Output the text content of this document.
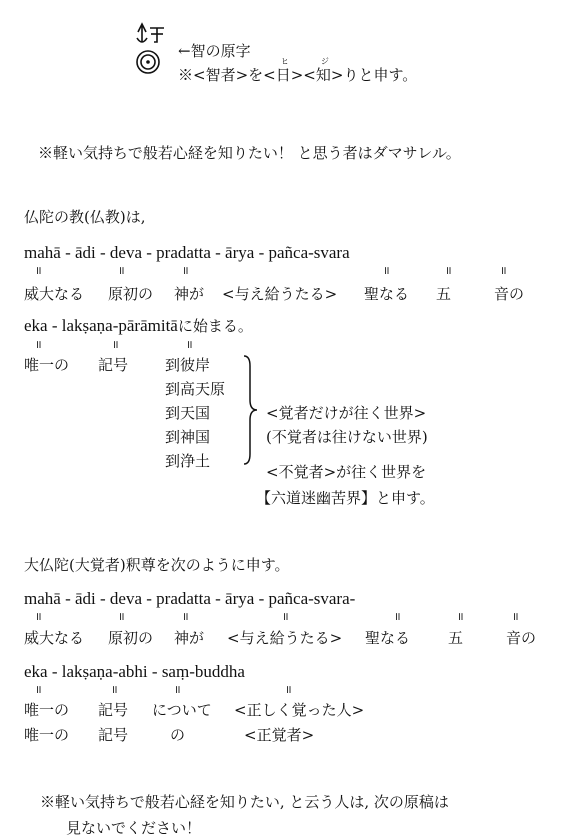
←智の原字
※<智者>を<
ヒ
日><
ジ
知>りと申す。
※軽い気持ちで般若心経を知りたい！ と思う者はダマサレル。
仏陀の教(仏教)は,
mahā - ādi - deva - pradatta - ārya - pañca-svara
॥	॥	॥	॥	॥	॥
威大なる 原初の 神が <与え給うたる> 聖なる 五	音の
eka - lakṣaṇa-pārāmitāに始まる。
॥	॥	॥
唯一の 記号 到彼岸
到高天原
到天国
到神国
到浄土
<覚者だけが往く世界>
(不覚者は往けない世界)
<不覚者>が往く世界を
【六道迷幽苦界】と申す。
大仏陀(大覚者)釈尊を次のように申す。
mahā - ādi - deva - pradatta - ārya - pañca-svara-
॥	॥	॥	॥	॥	॥	॥
威大なる 原初の 神が <与え給うたる> 聖なる	五	音の
eka - lakṣaṇa-abhi - saṃ-buddha
॥	॥	॥	॥
唯一の 記号 について <正しく覚った人>
唯一の 記号	の	<正覚者>
※軽い気持ちで般若心経を知りたい, と云う人は, 次の原稿は
見ないでください！
